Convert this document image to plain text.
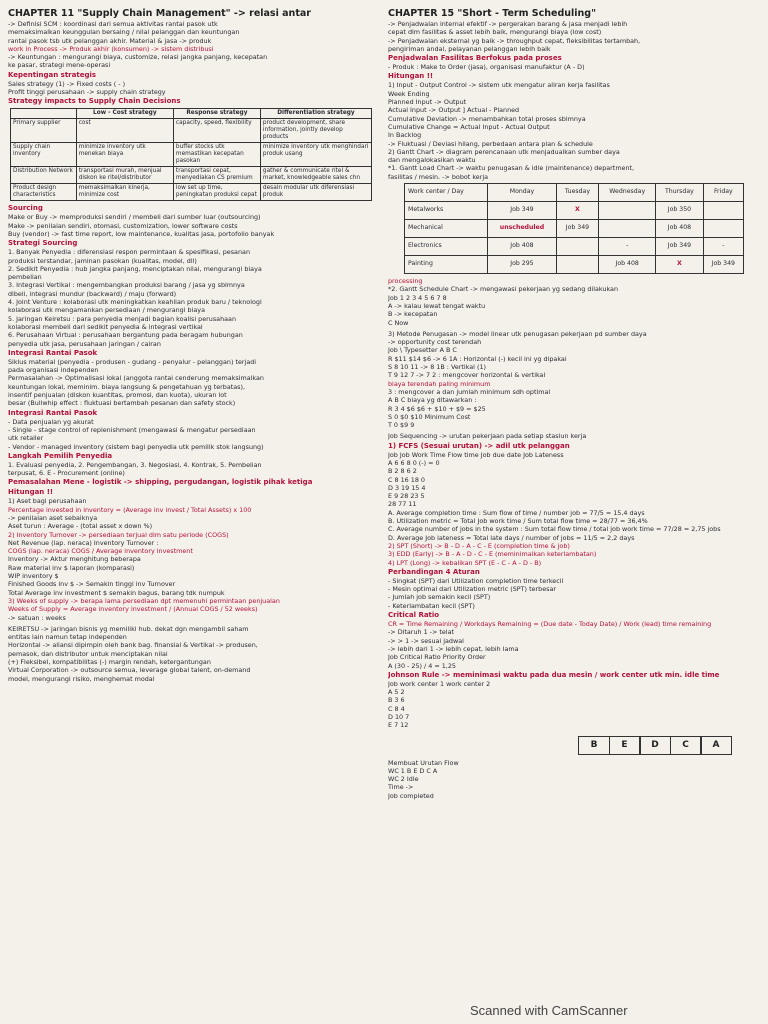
CHAPTER 11 "Supply Chain Management" -> relasi antar
-> Definisi SCM : koordinasi dari semua aktivitas rantai pasok utk
memaksimalkan keunggulan bersaing / nilai pelanggan dan keuntungan
rantai pasok tsb utk pelanggan akhir. Material & jasa -> produk
work in Process -> Produk akhir (konsumen) -> sistem distribusi
-> Keuntungan : mengurangi biaya, customize, relasi jangka panjang, kecepatan
ke pasar, strategi mene-operasi
Kepentingan strategis
Sales strategy (1) -> Fixed costs ( - )
Profit tinggi perusahaan -> supply chain strategy
Strategy impacts to Supply Chain Decisions
	Low - Cost strategy	Response strategy	Differentiation strategy
Primary supplier	cost	capacity, speed, flexibility	product development, share information, jointly develop products
Supply chain inventory	minimize inventory utk menekan biaya	buffer stocks utk memastikan kecepatan pasokan	minimize inventory utk menghindari produk usang
Distribution Network	transportasi murah, menjual diskon ke ritel/distributor	transportasi cepat, menyediakan CS premium	gather & communicate ritel & market, knowledgeable sales chn
Product design characteristics	memaksimalkan kinerja, minimize cost	low set up time, peningkatan produksi cepat	desain modular utk diferensiasi produk
Sourcing
Make or Buy -> memproduksi sendiri / membeli dari sumber luar (outsourcing)
Make -> penilaian sendiri, otomasi, customization, lower software costs
Buy (vendor) -> fast time report, low maintenance, kualitas jasa, portofolio banyak
Strategi Sourcing
1. Banyak Penyedia : diferensiasi respon permintaan & spesifikasi, pesanan
produksi terstandar, jaminan pasokan (kualitas, model, dll)
2. Sedikit Penyedia : hub jangka panjang, menciptakan nilai, mengurangi biaya
pembelian
3. Integrasi Vertikal : mengembangkan produksi barang / jasa yg sblmnya
dibeli, integrasi mundur (backward) / maju (forward)
4. Joint Venture : kolaborasi utk meningkatkan keahlian produk baru / teknologi
kolaborasi utk mengamankan persediaan / mengurangi biaya
5. Jaringan Keiretsu : para penyedia menjadi bagian koalisi perusahaan
kolaborasi membeli dari sedikit penyedia & integrasi vertikal
6. Perusahaan Virtual : perusahaan bergantung pada beragam hubungan
penyedia utk jasa, perusahaan jaringan / cairan
Integrasi Rantai Pasok
Siklus material (penyedia - produsen - gudang - penyalur - pelanggan) terjadi
pada organisasi independen
Permasalahan -> Optimalisasi lokal (anggota rantai cenderung memaksimalkan
keuntungan lokal, meminim. biaya langsung & pengetahuan yg terbatas),
insentif penjualan (diskon kuantitas, promosi, dan kuota), ukuran lot
besar (Bullwhip effect : fluktuasi bertambah pesanan dan safety stock)
Integrasi Rantai Pasok
- Data penjualan yg akurat
- Single - stage control of replenishment (mengawasi & mengatur persediaan
utk retailer
- Vendor - managed inventory (sistem bagi penyedia utk pemilik stok langsung)
Langkah Pemilih Penyedia
1. Evaluasi penyedia, 2. Pengembangan, 3. Negosiasi, 4. Kontrak, 5. Pembelian
terpusat, 6. E - Procurement (online)
Pemasalahan Mene - logistik -> shipping, pergudangan, logistik pihak ketiga
Hitungan !!
1) Aset bagi perusahaan
Percentage invested in inventory = (Average inv invest / Total Assets) x 100
-> penilaian aset sebaiknya
Aset turun : Average - (total asset x down %)
2) Inventory Turnover -> persediaan terjual dlm satu periode (COGS)
Net Revenue (lap. neraca) Inventory Turnover :
COGS (lap. neraca) COGS / Average inventory investment
Inventory -> Aktur menghitung beberapa
Raw material inv $ laporan (komparasi)
WIP inventory $
Finished Goods inv $ -> Semakin tinggi inv Turnover
Total Average inv investment $ semakin bagus, barang tdk numpuk
3) Weeks of supply -> berapa lama persediaan dpt memenuhi permintaan penjualan
Weeks of Supply = Average inventory investment / (Annual COGS / 52 weeks)
-> satuan : weeks
KEIRETSU -> jaringan bisnis yg memiliki hub. dekat dgn mengambil saham
entitas lain namun tetap independen
Horizontal -> aliansi dipimpin oleh bank bag. finansial & Vertikal -> produsen,
pemasok, dan distributor untuk menciptakan nilai
(+) Fleksibel, kompatibilitas (-) margin rendah, ketergantungan
Virtual Corporation -> outsource semua, leverage global talent, on-demand
model, mengurangi risiko, menghemat modal
CHAPTER 15 "Short - Term Scheduling"
-> Penjadwalan internal efektif -> pergerakan barang & jasa menjadi lebih
cepat dlm fasilitas & asset lebih baik, mengurangi biaya (low cost)
-> Penjadwalan eksternal yg baik -> throughput cepat, fleksibilitas tertambah,
pengiriman andal, pelayanan pelanggan lebih baik
Penjadwalan Fasilitas Berfokus pada proses
- Produk : Make to Order (jasa), organisasi manufaktur (A - D)
Hitungan !!
1) Input - Output Control -> sistem utk mengatur aliran kerja fasilitas
Week Ending
Planned Input -> Output
Actual Input -> Output ] Actual - Planned
Cumulative Deviation -> menambahkan total proses sblmnya
Cumulative Change = Actual Input - Actual Output
In Backlog
-> Fluktuasi / Deviasi hilang, perbedaan antara plan & schedule
2) Gantt Chart -> diagram perencanaan utk menjadualkan sumber daya
dan mengalokasikan waktu
*1. Gantt Load Chart -> waktu penugasan & idle (maintenance) department,
fasilitas / mesin. -> bobot kerja
Work center / Day	Monday	Tuesday	Wednesday	Thursday	Friday
Metalworks	Job 349	X		Job 350	
Mechanical	unscheduled	Job 349		Job 408	
Electronics	Job 408		-	Job 349	-
Painting	Job 295		Job 408	X	Job 349
processing
*2. Gantt Schedule Chart -> mengawasi pekerjaan yg sedang dilakukan
Job 1 2 3 4 5 6 7 8
A -> kalau lewat tengat waktu
B -> kecepatan
C Now
3) Metode Penugasan -> model linear utk penugasan pekerjaan pd sumber daya
-> opportunity cost terendah
Job \ Typesetter A B C
R $11 $14 $6 -> 6 1A : Horizontal (-) kecil ini yg dipakai
S 8 10 11 -> 8 1B : Vertikal (1)
T 9 12 7 -> 7 2 : mengcover horizontal & vertikal
biaya terendah paling minimum
3 : mengcover a dan jumlah minimum sdh optimal
A B C biaya yg ditawarkan :
R 3 4 $6 $6 + $10 + $9 = $25
S 0 $0 $10 Minimum Cost
T 0 $9 9
Job Sequencing -> urutan pekerjaan pada setiap stasiun kerja
1) FCFS (Sesuai urutan) -> adil utk pelanggan
Job Job Work Time Flow time Job due date Job Lateness
A 6 6 8 0 (-) = 0
B 2 8 6 2
C 8 16 18 0
D 3 19 15 4
E 9 28 23 5
28 77 11
A. Average completion time : Sum flow of time / number job = 77/5 = 15,4 days
B. Utilization metric = Total Job work time / Sum total flow time = 28/77 = 36,4%
C. Average number of jobs in the system : Sum total flow time / total job work time = 77/28 = 2,75 jobs
D. Average Job lateness = Total late days / number of jobs = 11/5 = 2,2 days
2) SPT (Short) -> B - D - A - C - E (completion time & job)
3) EDD (Early) -> B - A - D - C - E (meminimalkan keterlambatan)
4) LPT (Long) -> kebalikan SPT (E - C - A - D - B)
Perbandingan 4 Aturan
- Singkat (SPT) dari Utilization completion time terkecil
- Mesin optimal dari Utilization metric (SPT) terbesar
- Jumlah job semakin kecil (SPT)
- Keterlambatan kecil (SPT)
Critical Ratio
CR = Time Remaining / Workdays Remaining = (Due date - Today Date) / Work (lead) time remaining
-> Ditaruh 1 -> telat
-> > 1 -> sesuai jadwal
-> lebih dari 1 -> lebih cepat, lebih lama
Job Critical Ratio Priority Order
A (30 - 25) / 4 = 1,25
Johnson Rule -> meminimasi waktu pada dua mesin / work center utk min. idle time
Job work center 1 work center 2
A 5 2
B 3 6
C 8 4
D 10 7
E 7 12
B	E	D	C	A
Membuat Urutan Flow
WC 1 B E D C A
WC 2 Idle
Time ->
Job completed
Scanned with CamScanner
